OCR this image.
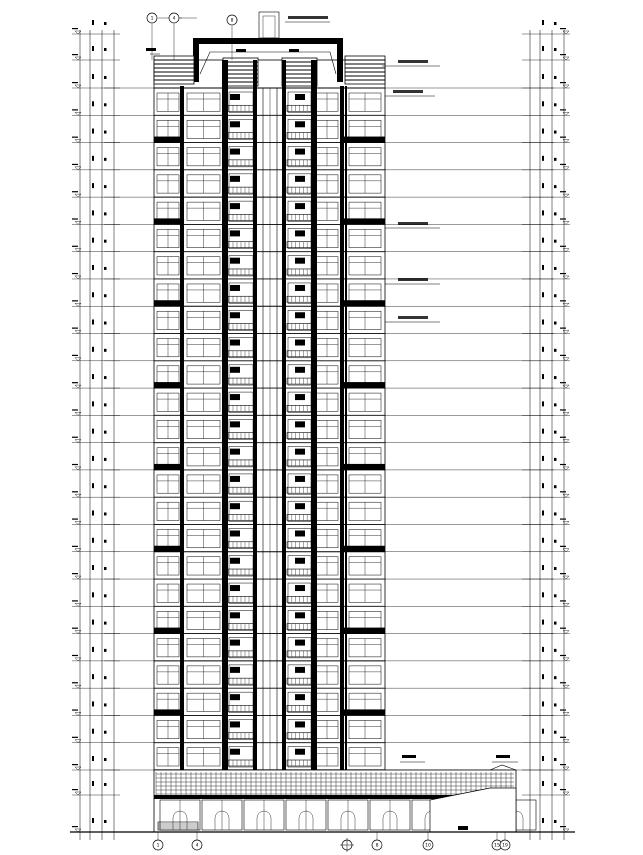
1	4	8	10	15 19
1	4	8
